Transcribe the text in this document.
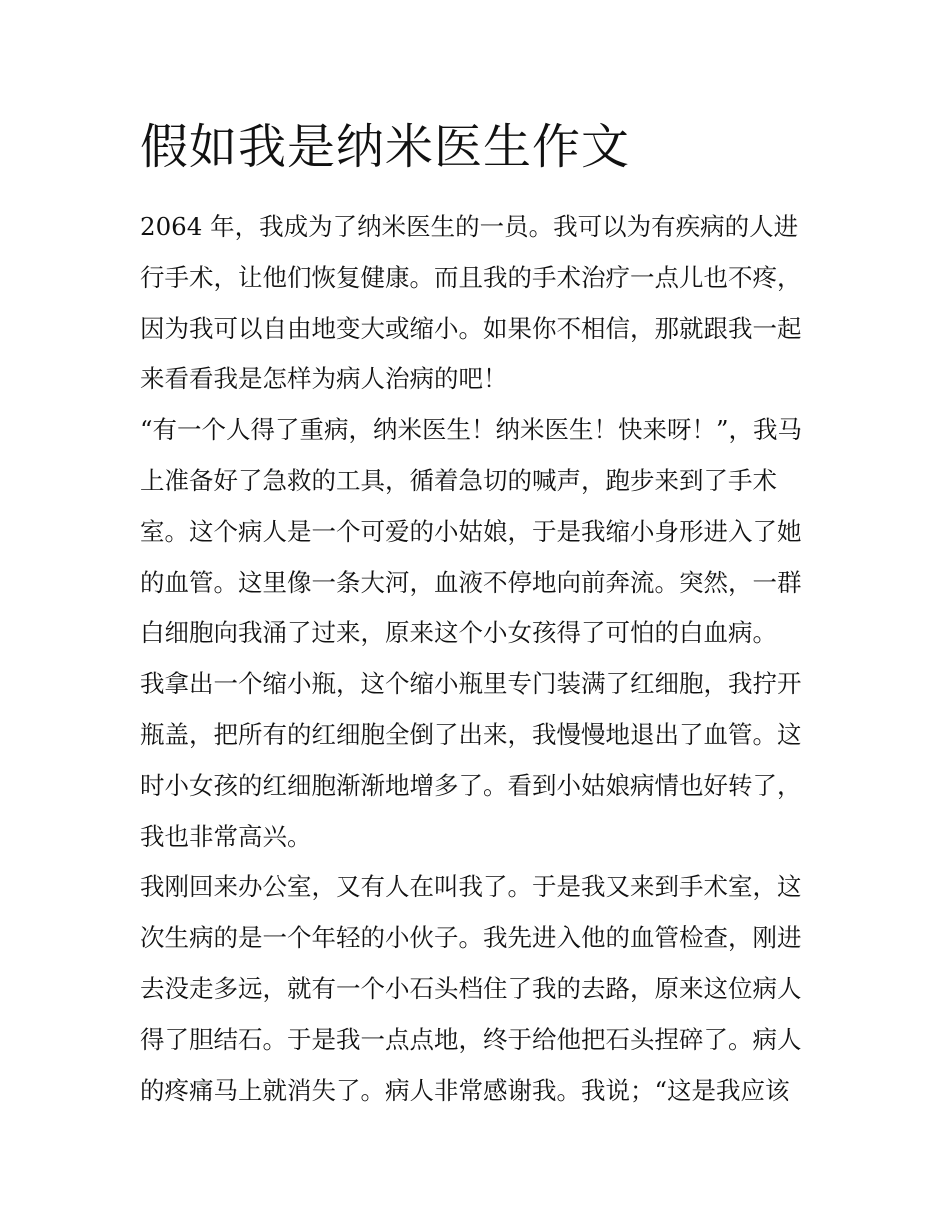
假如我是纳米医生作文

2064 年，我成为了纳米医生的一员。我可以为有疾病的人进

行手术，让他们恢复健康。而且我的手术治疗一点儿也不疼，

因为我可以自由地变大或缩小。如果你不相信，那就跟我一起

来看看我是怎样为病人治病的吧！

“有一个人得了重病，纳米医生！纳米医生！快来呀！”，我马

上准备好了急救的工具，循着急切的喊声，跑步来到了手术

室。这个病人是一个可爱的小姑娘，于是我缩小身形进入了她

的血管。这里像一条大河，血液不停地向前奔流。突然，一群

白细胞向我涌了过来，原来这个小女孩得了可怕的白血病。

我拿出一个缩小瓶，这个缩小瓶里专门装满了红细胞，我拧开

瓶盖，把所有的红细胞全倒了出来，我慢慢地退出了血管。这

时小女孩的红细胞渐渐地增多了。看到小姑娘病情也好转了，

我也非常高兴。

我刚回来办公室，又有人在叫我了。于是我又来到手术室，这

次生病的是一个年轻的小伙子。我先进入他的血管检查，刚进

去没走多远，就有一个小石头档住了我的去路，原来这位病人

得了胆结石。于是我一点点地，终于给他把石头捏碎了。病人

的疼痛马上就消失了。病人非常感谢我。我说；“这是我应该
